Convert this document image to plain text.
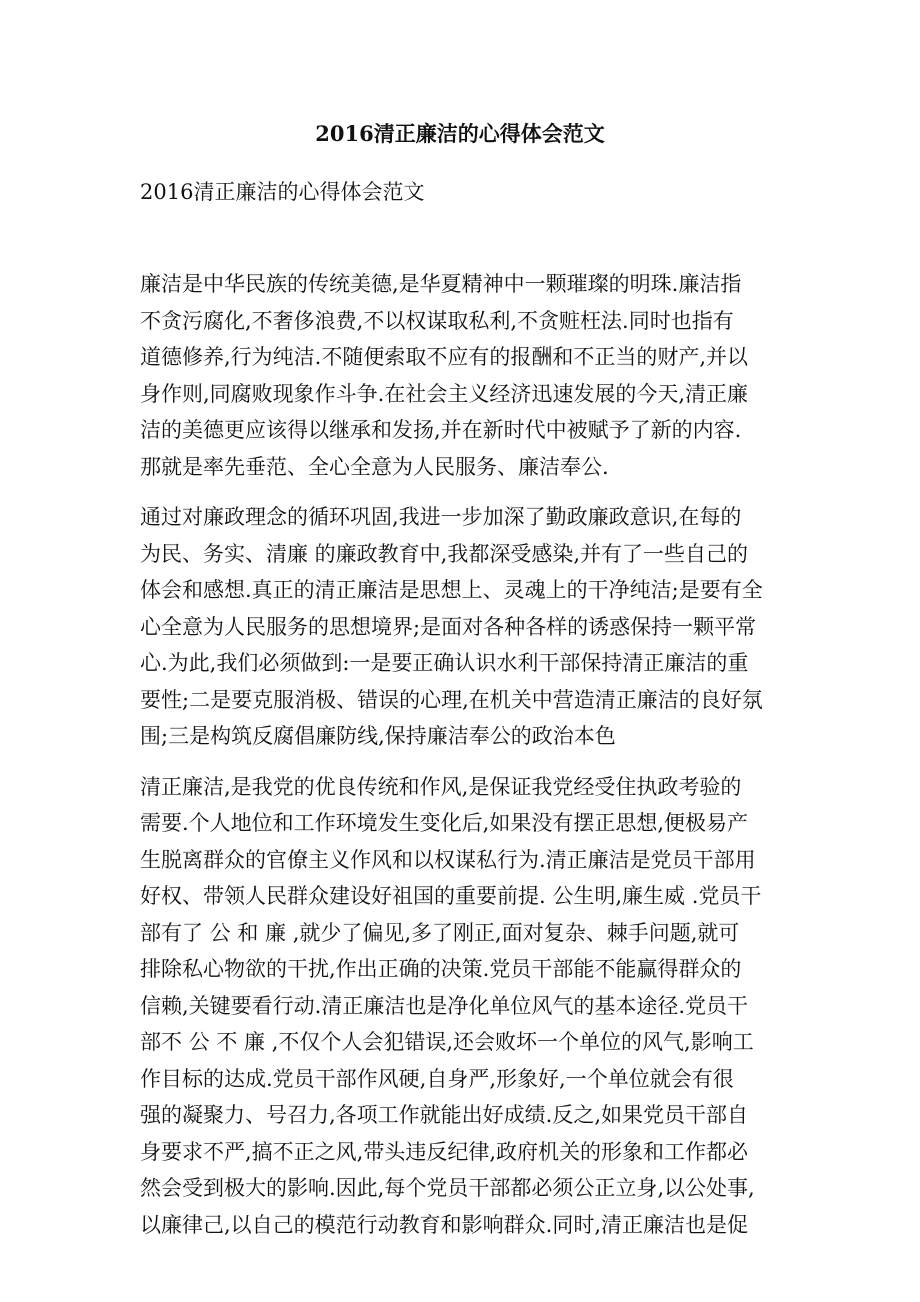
2016清正廉洁的心得体会范文
2016清正廉洁的心得体会范文
廉洁是中华民族的传统美德,是华夏精神中一颗璀璨的明珠.廉洁指
不贪污腐化,不奢侈浪费,不以权谋取私利,不贪赃枉法.同时也指有
道德修养,行为纯洁.不随便索取不应有的报酬和不正当的财产,并以
身作则,同腐败现象作斗争.在社会主义经济迅速发展的今天,清正廉
洁的美德更应该得以继承和发扬,并在新时代中被赋予了新的内容.
那就是率先垂范、全心全意为人民服务、廉洁奉公.
通过对廉政理念的循环巩固,我进一步加深了勤政廉政意识,在每的
为民、务实、清廉 的廉政教育中,我都深受感染,并有了一些自己的
体会和感想.真正的清正廉洁是思想上、灵魂上的干净纯洁;是要有全
心全意为人民服务的思想境界;是面对各种各样的诱惑保持一颗平常
心.为此,我们必须做到:一是要正确认识水利干部保持清正廉洁的重
要性;二是要克服消极、错误的心理,在机关中营造清正廉洁的良好氛
围;三是构筑反腐倡廉防线,保持廉洁奉公的政治本色
清正廉洁,是我党的优良传统和作风,是保证我党经受住执政考验的
需要.个人地位和工作环境发生变化后,如果没有摆正思想,便极易产
生脱离群众的官僚主义作风和以权谋私行为.清正廉洁是党员干部用
好权、带领人民群众建设好祖国的重要前提. 公生明,廉生威 .党员干
部有了 公 和 廉 ,就少了偏见,多了刚正,面对复杂、棘手问题,就可
排除私心物欲的干扰,作出正确的决策.党员干部能不能赢得群众的
信赖,关键要看行动.清正廉洁也是净化单位风气的基本途径.党员干
部不 公 不 廉 ,不仅个人会犯错误,还会败坏一个单位的风气,影响工
作目标的达成.党员干部作风硬,自身严,形象好,一个单位就会有很
强的凝聚力、号召力,各项工作就能出好成绩.反之,如果党员干部自
身要求不严,搞不正之风,带头违反纪律,政府机关的形象和工作都必
然会受到极大的影响.因此,每个党员干部都必须公正立身,以公处事,
以廉律己,以自己的模范行动教育和影响群众.同时,清正廉洁也是促
